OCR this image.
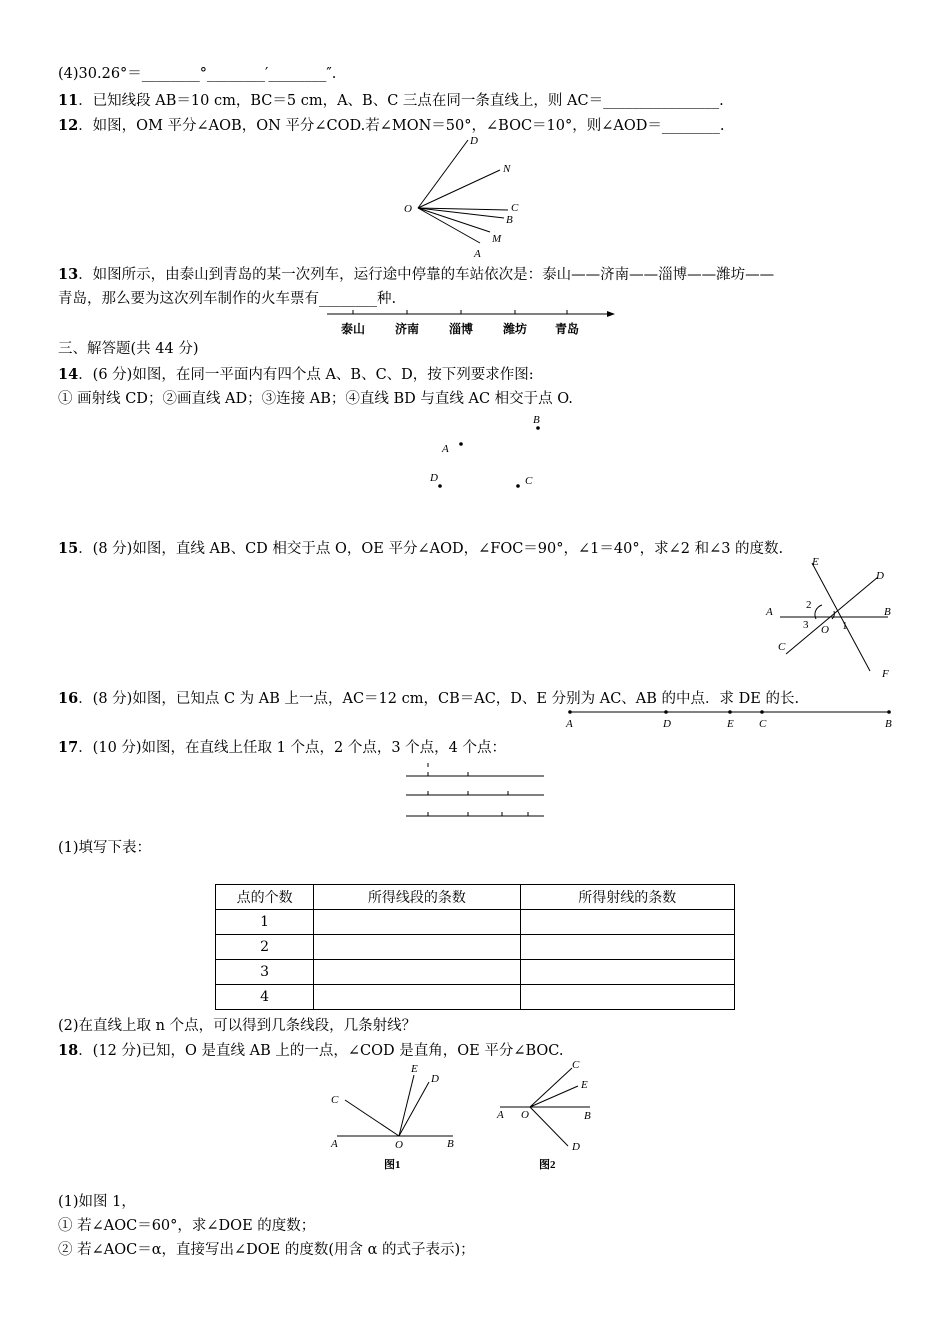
(4)30.26°＝________°________′________″.
11．已知线段 AB＝10 cm，BC＝5 cm，A、B、C 三点在同一条直线上，则 AC＝________________.
12．如图，OM 平分∠AOB，ON 平分∠COD.若∠MON＝50°，∠BOC＝10°，则∠AOD＝________.
D
N
O	C
B
M
A
13．如图所示，由泰山到青岛的某一次列车，运行途中停靠的车站依次是：泰山——济南——淄博——潍坊——
青岛，那么要为这次列车制作的火车票有________种.
泰山 济南 淄博 潍坊 青岛
三、解答题(共 44 分)
14．(6 分)如图，在同一平面内有四个点 A、B、C、D，按下列要求作图:
① 画射线 CD；②画直线 AD；③连接 AB；④直线 BD 与直线 AC 相交于点 O.
B
A
D	C
15．(8 分)如图，直线 AB、CD 相交于点 O，OE 平分∠AOD，∠FOC＝90°，∠1＝40°，求∠2 和∠3 的度数.
E
D
A
2
B
3 O 1
C
F
16．(8 分)如图，已知点 C 为 AB 上一点，AC＝12 cm，CB＝AC，D、E 分别为 AC、AB 的中点．求 DE 的长.
A	D	E C	B
17．(10 分)如图，在直线上任取 1 个点，2 个点，3 个点，4 个点：
(1)填写下表：
点的个数	所得线段的条数	所得射线的条数
1		
2		
3		
4		
(2)在直线上取 n 个点，可以得到几条线段，几条射线？
18．(12 分)已知，O 是直线 AB 上的一点，∠COD 是直角，OE 平分∠BOC.
C
E
D
A	O	B
图1
C
E
A O	B
D
图2
(1)如图 1，
① 若∠AOC＝60°，求∠DOE 的度数；
② 若∠AOC＝α，直接写出∠DOE 的度数(用含 α 的式子表示)；
